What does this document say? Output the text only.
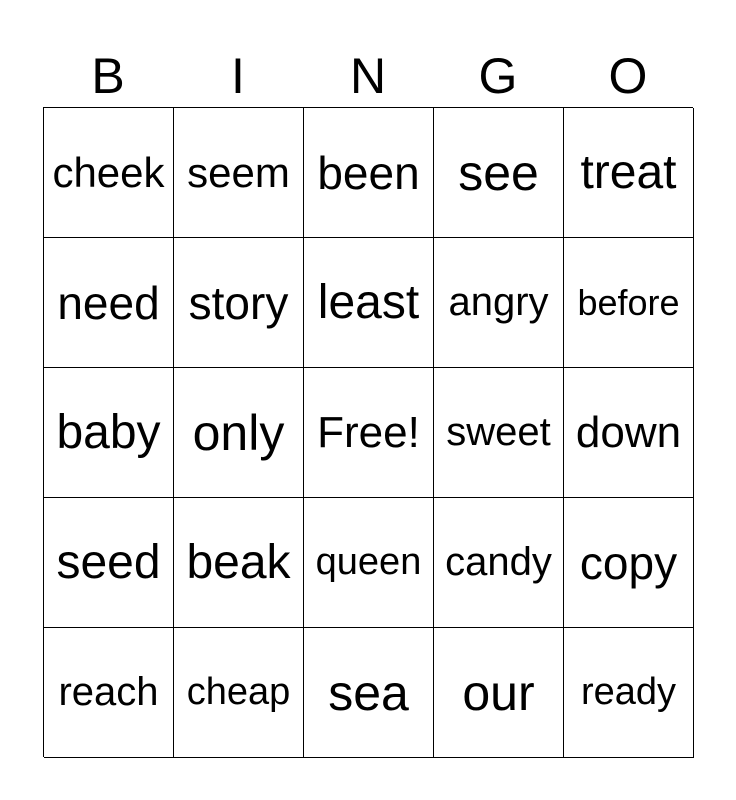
B	I	N	G	O
cheek seem been see treat
need story least angry before
baby only Free! sweet down
seed beak queen candy copy
reach cheap sea	our	ready
